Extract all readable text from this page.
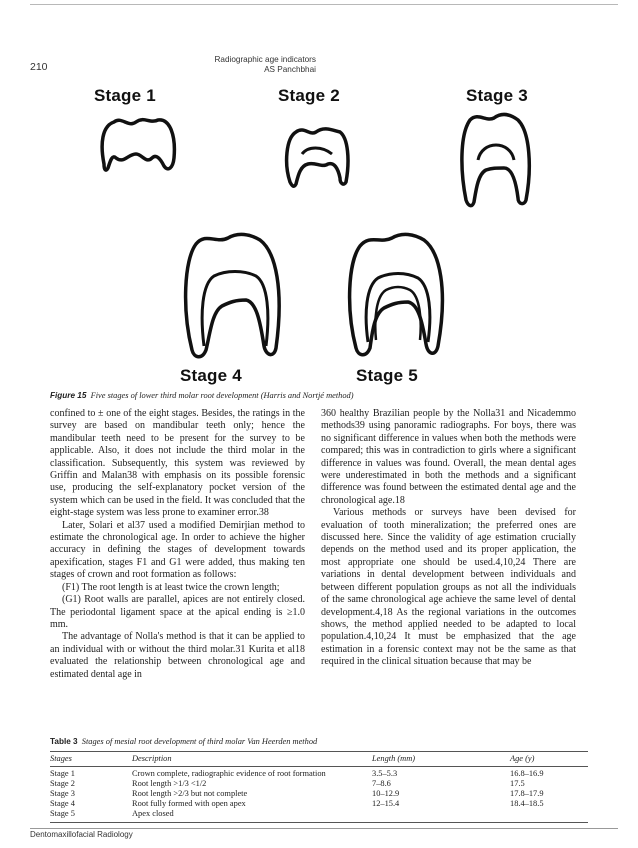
210
Radiographic age indicators
AS Panchbhai
Stage 1	Stage 2	Stage 3
Stage 4	Stage 5
Figure 15 Five stages of lower third molar root development (Harris and Nortjé method)

confined to ± one of the eight stages. Besides, the ratings in the survey are based on mandibular teeth only; hence the mandibular teeth need to be present for the survey to be applicable. Also, it does not include the third molar in the classification. Subsequently, this system was reviewed by Griffin and Malan38 with emphasis on its possible forensic use, producing the self-explanatory pocket version of the system which can be used in the field. It was concluded that the eight-stage system was less prone to examiner error.38

Later, Solari et al37 used a modified Demirjian method to estimate the chronological age. In order to achieve the higher accuracy in defining the stages of development towards apexification, stages F1 and G1 were added, thus making ten stages of crown and root formation as follows:

(F1) The root length is at least twice the crown length;

(G1) Root walls are parallel, apices are not entirely closed. The periodontal ligament space at the apical ending is ≥1.0 mm.

The advantage of Nolla's method is that it can be applied to an individual with or without the third molar.31 Kurita et al18 evaluated the relationship between chronological age and estimated dental age in

360 healthy Brazilian people by the Nolla31 and Nicademmo methods39 using panoramic radiographs. For boys, there was no significant difference in values when both the methods were compared; this was in contradiction to girls where a significant difference in values was found. Overall, the mean dental ages were underestimated in both the methods and a significant difference was found between the estimated dental age and the chronological age.18

Various methods or surveys have been devised for evaluation of tooth mineralization; the preferred ones are discussed here. Since the validity of age estimation crucially depends on the method used and its proper application, the most appropriate one should be used.4,10,24 There are variations in dental development between individuals and between different population groups as not all the individuals of the same chronological age achieve the same level of dental development.4,18 As the regional variations in the outcomes shows, the method applied needed to be adapted to local population.4,10,24 It must be emphasized that the age estimation in a forensic context may not be the same as that required in the clinical situation because that may be

Table 3 Stages of mesial root development of third molar Van Heerden method
Stages	Description	Length (mm)	Age (y)
Stage 1	Crown complete, radiographic evidence of root formation	3.5–5.3	16.8–16.9
Stage 2	Root length >1/3 <1/2	7–8.6	17.5
Stage 3	Root length >2/3 but not complete	10–12.9	17.8–17.9
Stage 4	Root fully formed with open apex	12–15.4	18.4–18.5
Stage 5	Apex closed
Dentomaxillofacial Radiology
